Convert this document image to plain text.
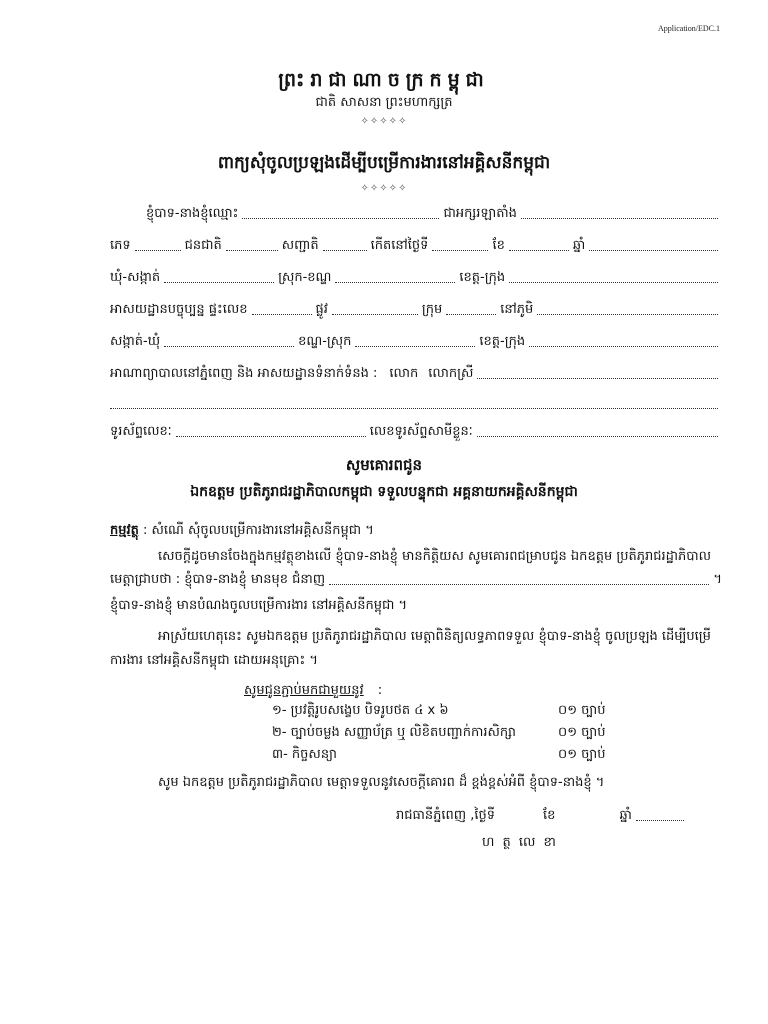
Application/EDC.1
ព្រះរាជាណាចក្រកម្ពុជា
ជាតិ សាសនា ព្រះមហាក្សត្រ
✧✧✧✧✧
ពាក្យសុំចូលប្រឡងដើម្បីបម្រើការងារនៅអគ្គិសនីកម្ពុជា
✧✧✧✧✧
ខ្ញុំបាទ-នាងខ្ញុំឈ្មោះ	ជាអក្សរឡាតាំង
ភេទ	ជនជាតិ	សញ្ជាតិ	កើតនៅថ្ងៃទី	ខែ	ឆ្នាំ
ឃុំ-សង្កាត់	ស្រុក-ខណ្ឌ	ខេត្ត-ក្រុង
អាសយដ្ឋានបច្ចុប្បន្ន ផ្ទះលេខ	ផ្លូវ	ក្រុម	នៅភូមិ
សង្កាត់-ឃុំ	ខណ្ឌ-ស្រុក	ខេត្ត-ក្រុង
អាណាព្យាបាលនៅភ្នំពេញ និង អាសយដ្ឋានទំនាក់ទំនង : លោក លោកស្រី
ទូរស័ព្ទលេខៈ	លេខទូរស័ព្ទសាមីខ្លួនៈ
សូមគោរពជូន
ឯកឧត្តម ប្រតិភូរាជរដ្ឋាភិបាលកម្ពុជា ទទួលបន្ទុកជា អគ្គនាយកអគ្គិសនីកម្ពុជា
កម្មវត្ថុ : សំណើ សុំចូលបម្រើការងារនៅអគ្គិសនីកម្ពុជា ។
សេចក្តីដូចមានចែងក្នុងកម្មវត្ថុខាងលើ ខ្ញុំបាទ-នាងខ្ញុំ មានកិត្តិយស សូមគោរពជម្រាបជូន ឯកឧត្តម ប្រតិភូរាជរដ្ឋាភិបាល
មេត្តាជ្រាបថា : ខ្ញុំបាទ-នាងខ្ញុំ មានមុខ ជំនាញ	។
ខ្ញុំបាទ-នាងខ្ញុំ មានបំណងចូលបម្រើការងារ នៅអគ្គិសនីកម្ពុជា ។
អាស្រ័យហេតុនេះ សូមឯកឧត្តម ប្រតិភូរាជរដ្ឋាភិបាល មេត្តាពិនិត្យលទ្ធភាពទទួល ខ្ញុំបាទ-នាងខ្ញុំ ចូលប្រឡង ដើម្បីបម្រើ
ការងារ នៅអគ្គិសនីកម្ពុជា ដោយអនុគ្រោះ ។
សូមជូនភ្ជាប់មកជាមួយនូវ :
១- ប្រវត្តិរូបសង្ខេប បិទរូបថត ៤ x ៦	០១ ច្បាប់
២- ច្បាប់ចម្លង សញ្ញាប័ត្រ ឬ លិខិតបញ្ជាក់ការសិក្សា	០១ ច្បាប់
៣- កិច្ចសន្យា	០១ ច្បាប់
សូម ឯកឧត្តម ប្រតិភូរាជរដ្ឋាភិបាល មេត្តាទទួលនូវសេចក្តីគោរព ដ៏ ខ្ពង់ខ្ពស់អំពី ខ្ញុំបាទ-នាងខ្ញុំ ។
រាជធានីភ្នំពេញ ,ថ្ងៃទី	ខែ	ឆ្នាំ
ហ ត្ថ លេ ខា
